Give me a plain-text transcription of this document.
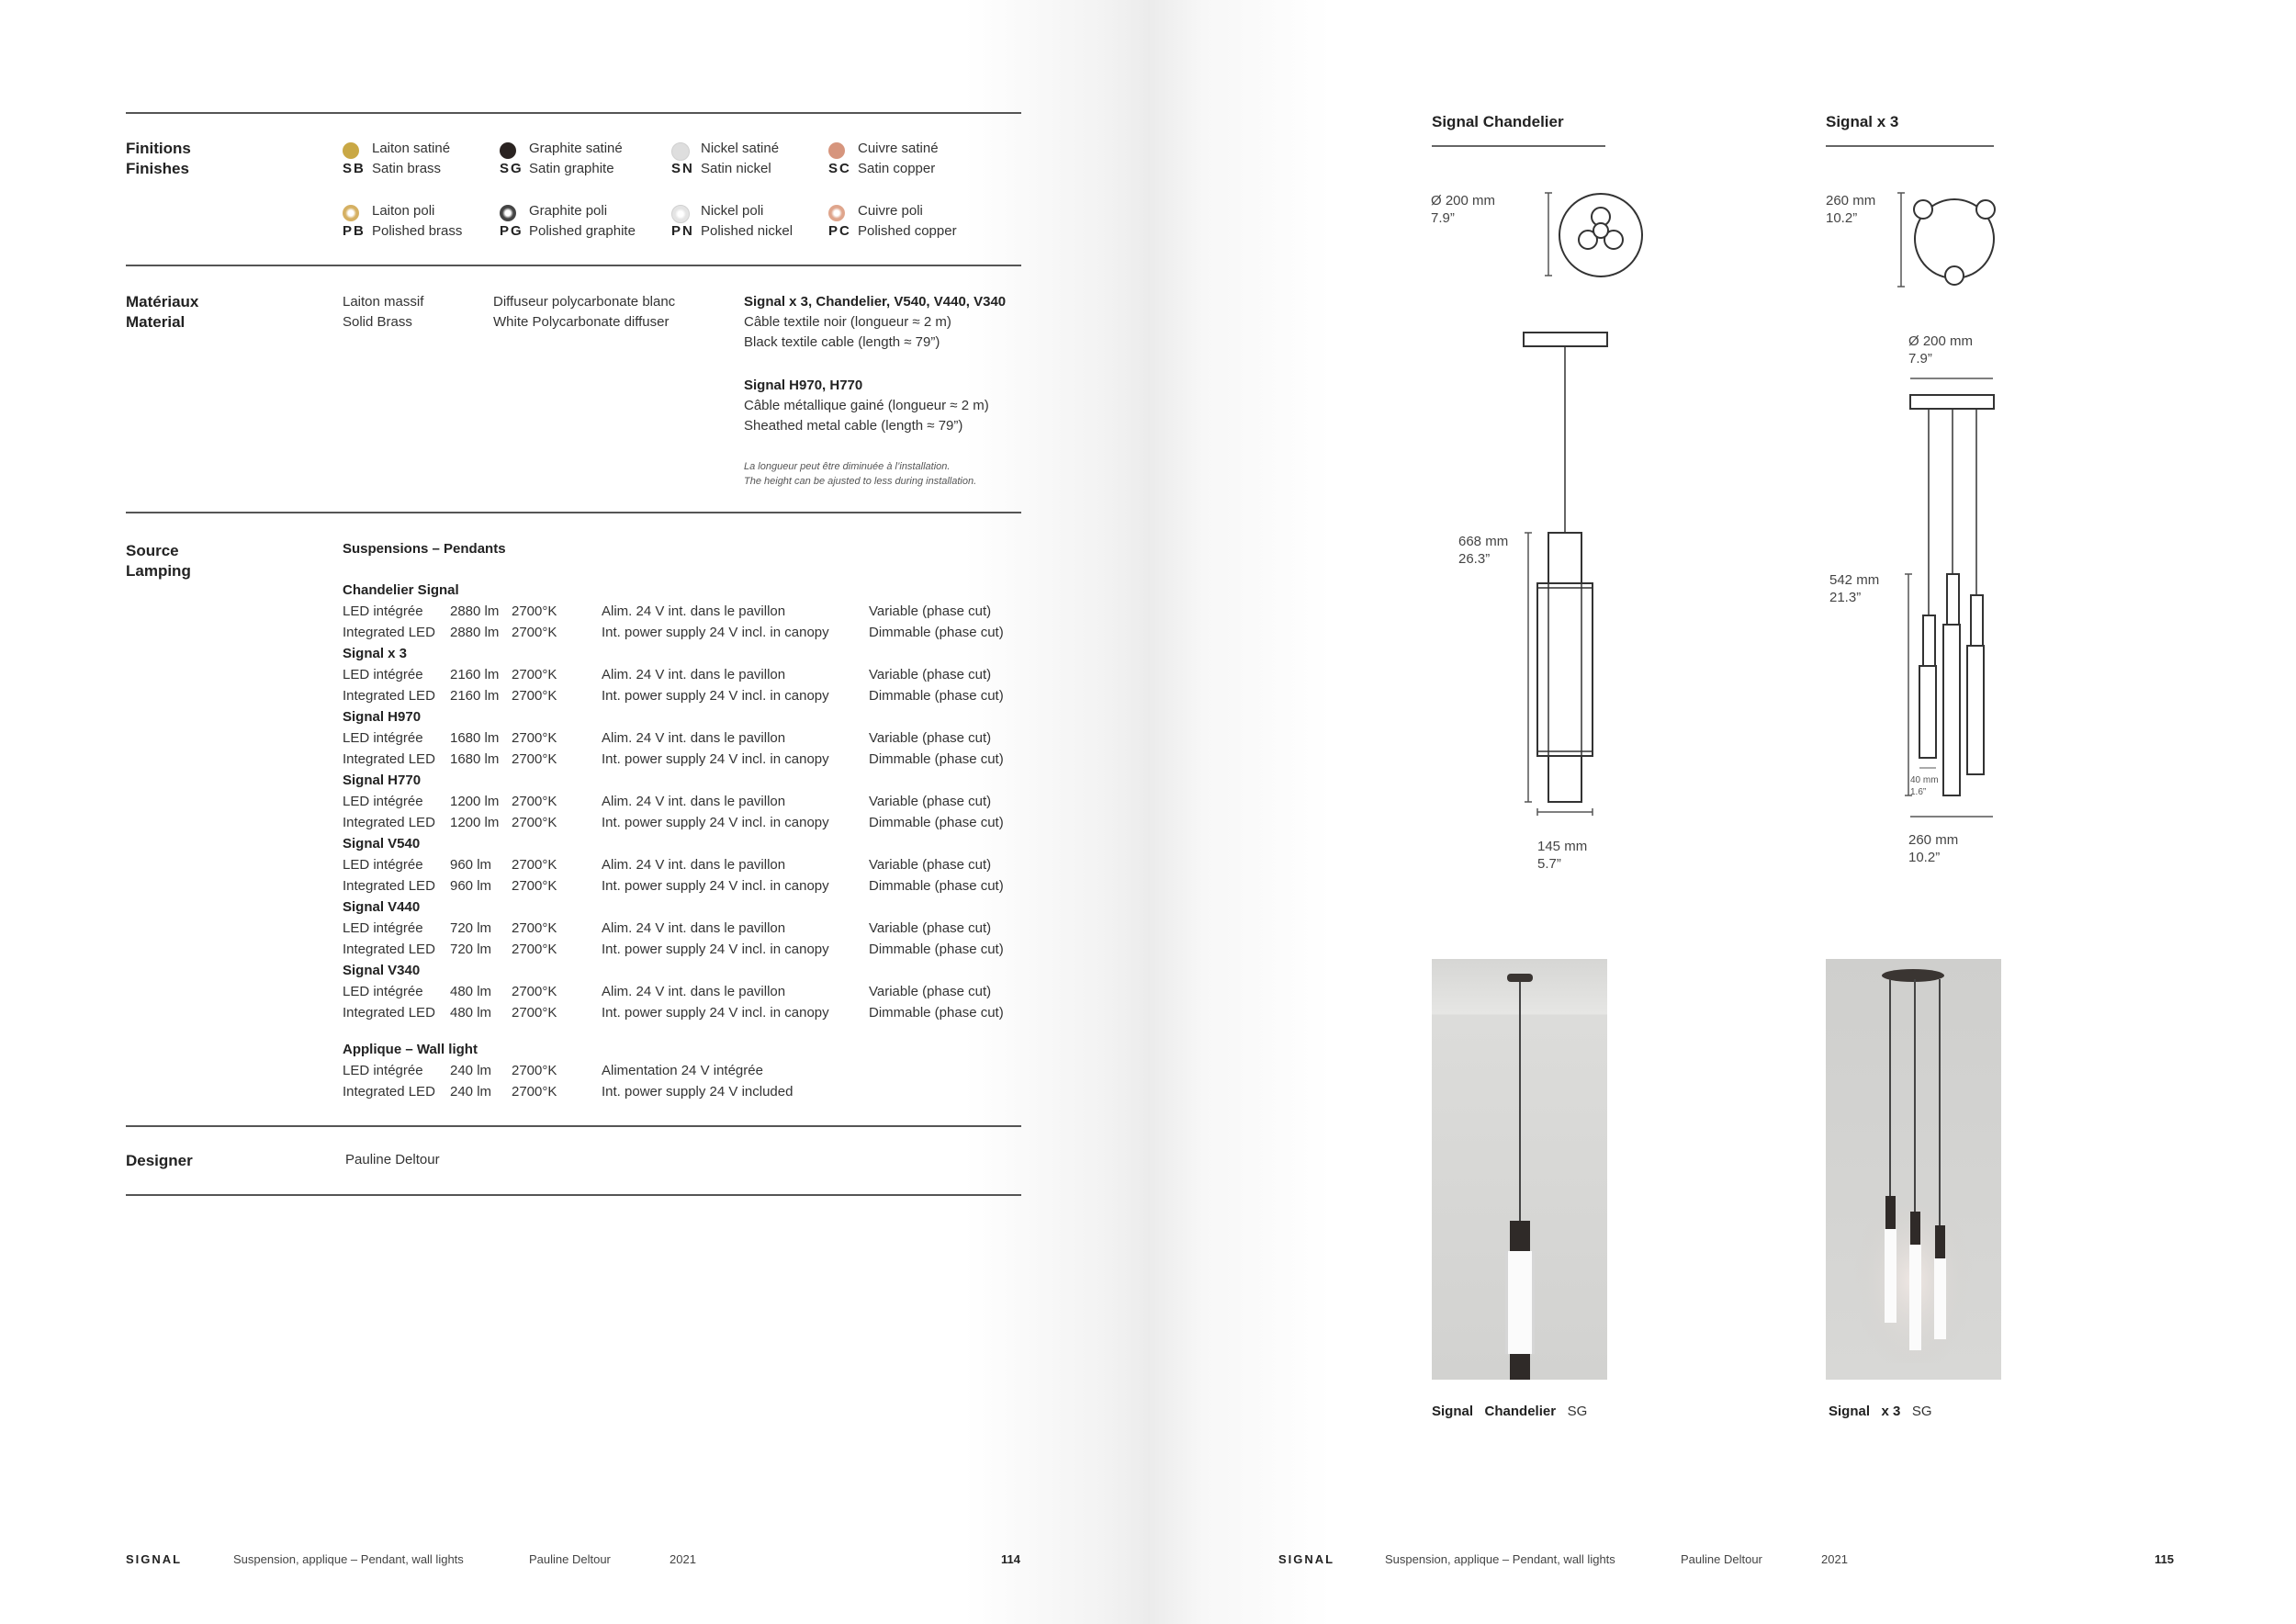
Finitions
Finishes
Laiton satiné
SB Satin brass
Graphite satiné
SG Satin graphite
Nickel satiné
SN Satin nickel
Cuivre satiné
SC Satin copper
Laiton poli
PB Polished brass
Graphite poli
PG Polished graphite
Nickel poli
PN Polished nickel
Cuivre poli
PC Polished copper
Matériaux
Material
Laiton massif
Solid Brass
Diffuseur polycarbonate blanc
White Polycarbonate diffuser
Signal x 3, Chandelier, V540, V440, V340
Câble textile noir (longueur ≈ 2 m)
Black textile cable (length ≈ 79”)
Signal H970, H770
Câble métallique gainé (longueur ≈ 2 m)
Sheathed metal cable (length ≈ 79”)
La longueur peut être diminuée à l’installation.
The height can be ajusted to less during installation.
Source
Lamping
Suspensions – Pendants
Chandelier Signal
LED intégrée 2880 lm 2700°K	Alim. 24 V int. dans le pavillon	Variable (phase cut)
Integrated LED 2880 lm 2700°K	Int. power supply 24 V incl. in canopy	Dimmable (phase cut)
Signal x 3
LED intégrée 2160 lm 2700°K	Alim. 24 V int. dans le pavillon	Variable (phase cut)
Integrated LED 2160 lm 2700°K	Int. power supply 24 V incl. in canopy	Dimmable (phase cut)
Signal H970
LED intégrée 1680 lm 2700°K	Alim. 24 V int. dans le pavillon	Variable (phase cut)
Integrated LED 1680 lm 2700°K	Int. power supply 24 V incl. in canopy	Dimmable (phase cut)
Signal H770
LED intégrée 1200 lm 2700°K	Alim. 24 V int. dans le pavillon	Variable (phase cut)
Integrated LED 1200 lm 2700°K	Int. power supply 24 V incl. in canopy	Dimmable (phase cut)
Signal V540
LED intégrée 960 lm 2700°K	Alim. 24 V int. dans le pavillon	Variable (phase cut)
Integrated LED 960 lm 2700°K	Int. power supply 24 V incl. in canopy	Dimmable (phase cut)
Signal V440
LED intégrée 720 lm 2700°K	Alim. 24 V int. dans le pavillon	Variable (phase cut)
Integrated LED 720 lm 2700°K	Int. power supply 24 V incl. in canopy	Dimmable (phase cut)
Signal V340
LED intégrée 480 lm 2700°K	Alim. 24 V int. dans le pavillon	Variable (phase cut)
Integrated LED 480 lm 2700°K	Int. power supply 24 V incl. in canopy	Dimmable (phase cut)
Applique – Wall light
LED intégrée 240 lm 2700°K	Alimentation 24 V intégrée
Integrated LED 240 lm 2700°K	Int. power supply 24 V included
Designer	Pauline Deltour
SIGNAL	Suspension, applique – Pendant, wall lights	Pauline Deltour	2021	114
Signal Chandelier
Ø 200 mm
7.9”
668 mm
26.3”
145 mm
5.7”
Signal Chandelier SG
Signal x 3
260 mm
10.2”
Ø 200 mm
7.9”
542 mm
21.3”
40 mm
1.6”
260 mm
10.2”
Signal x 3 SG
SIGNAL	Suspension, applique – Pendant, wall lights	Pauline Deltour	2021	115
